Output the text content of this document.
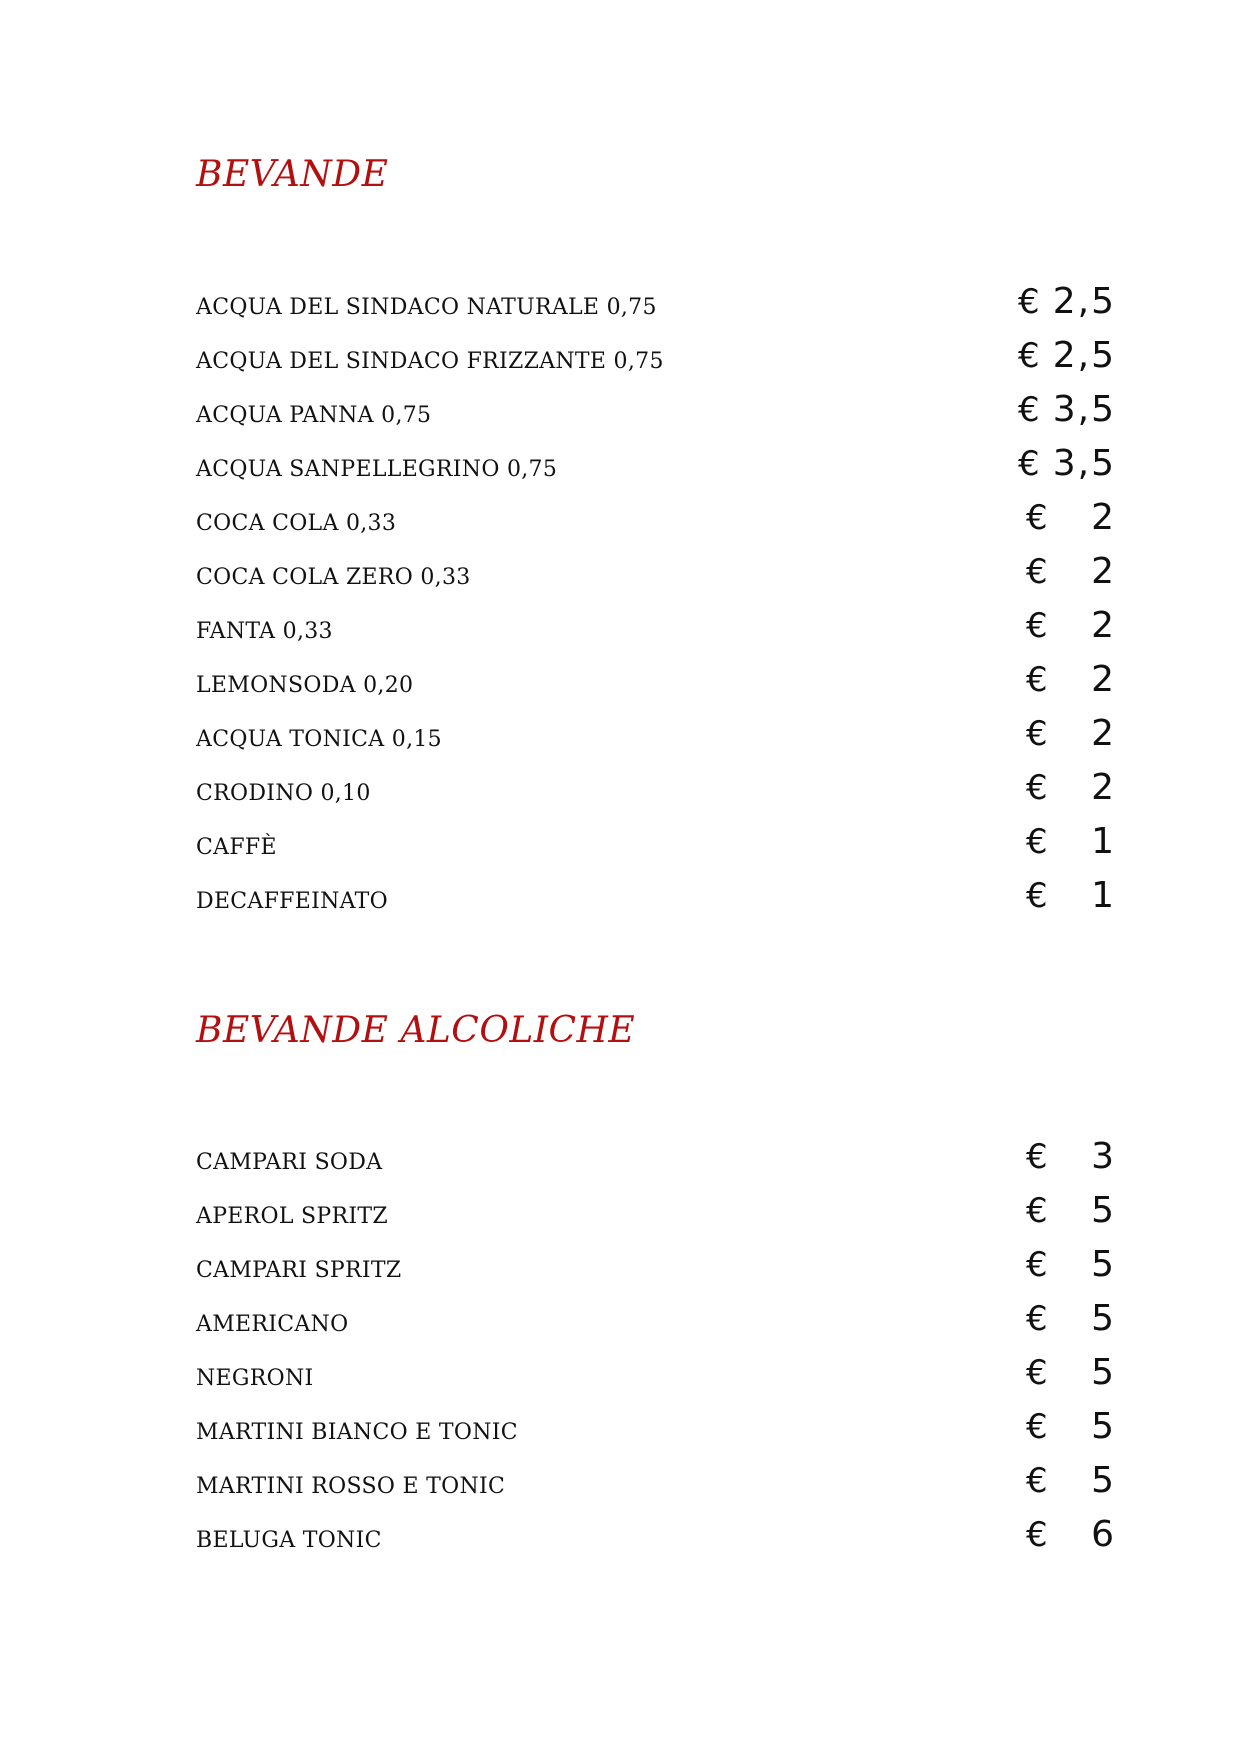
BEVANDE
ACQUA DEL SINDACO NATURALE 0,75	€ 2,5
ACQUA DEL SINDACO FRIZZANTE 0,75	€ 2,5
ACQUA PANNA 0,75	€ 3,5
ACQUA SANPELLEGRINO 0,75	€ 3,5
COCA COLA 0,33	€ 2
COCA COLA ZERO 0,33	€ 2
FANTA 0,33	€ 2
LEMONSODA 0,20	€ 2
ACQUA TONICA 0,15	€ 2
CRODINO 0,10	€ 2
CAFFÈ	€ 1
DECAFFEINATO	€ 1
BEVANDE ALCOLICHE
CAMPARI SODA	€ 3
APEROL SPRITZ	€ 5
CAMPARI SPRITZ	€ 5
AMERICANO	€ 5
NEGRONI	€ 5
MARTINI BIANCO E TONIC	€ 5
MARTINI ROSSO E TONIC	€ 5
BELUGA TONIC	€ 6
